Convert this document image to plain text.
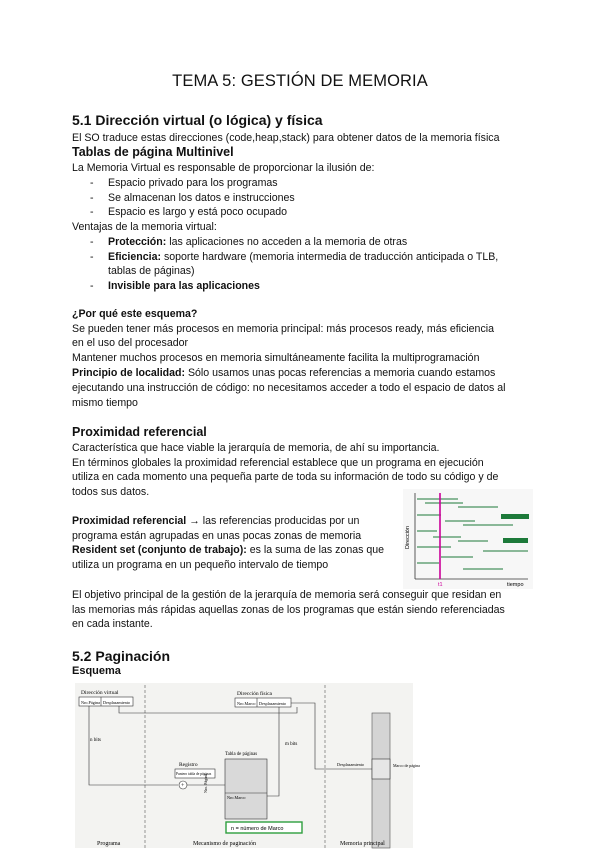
TEMA 5: GESTIÓN DE MEMORIA
5.1 Dirección virtual (o lógica) y física
El SO traduce estas direcciones (code,heap,stack) para obtener datos de la memoria física
Tablas de página Multinivel
La Memoria Virtual es responsable de proporcionar la ilusión de:
- Espacio privado para los programas
- Se almacenan los datos e instrucciones
- Espacio es largo y está poco ocupado
Ventajas de la memoria virtual:
- Protección: las aplicaciones no acceden a la memoria de otras
- Eficiencia: soporte hardware (memoria intermedia de traducción anticipada o TLB,
tablas de páginas)
- Invisible para las aplicaciones
¿Por qué este esquema?
Se pueden tener más procesos en memoria principal: más procesos ready, más eficiencia
en el uso del procesador
Mantener muchos procesos en memoria simultáneamente facilita la multiprogramación
Principio de localidad: Sólo usamos unas pocas referencias a memoria cuando estamos
ejecutando una instrucción de código: no necesitamos acceder a todo el espacio de datos al
mismo tiempo
Proximidad referencial
Característica que hace viable la jerarquía de memoria, de ahí su importancia.
En términos globales la proximidad referencial establece que un programa en ejecución
utiliza en cada momento una pequeña parte de toda su información de todo su código y de
todos sus datos.
Proximidad referencial → las referencias producidas por un
programa están agrupadas en unas pocas zonas de memoria
Resident set (conjunto de trabajo): es la suma de las zonas que
utiliza un programa en un pequeño intervalo de tiempo
El objetivo principal de la gestión de la jerarquía de memoria será conseguir que residan en
las memorias más rápidas aquellas zonas de los programas que están siendo referenciadas
en cada instante.
5.2 Paginación
Esquema
Dirección
tiempo
t1
Dirección virtual
Nro.Página Desplazamiento
Dirección física
Nro.Marco Desplazamiento
n bits
m bits
Registro
Puntero tabla de páginas
+
Tabla de páginas
Nro.Marco
Nro. Página
Desplazamiento	Marco de página
n = número de Marco
Programa	Mecanismo de paginación	Memoria principal
